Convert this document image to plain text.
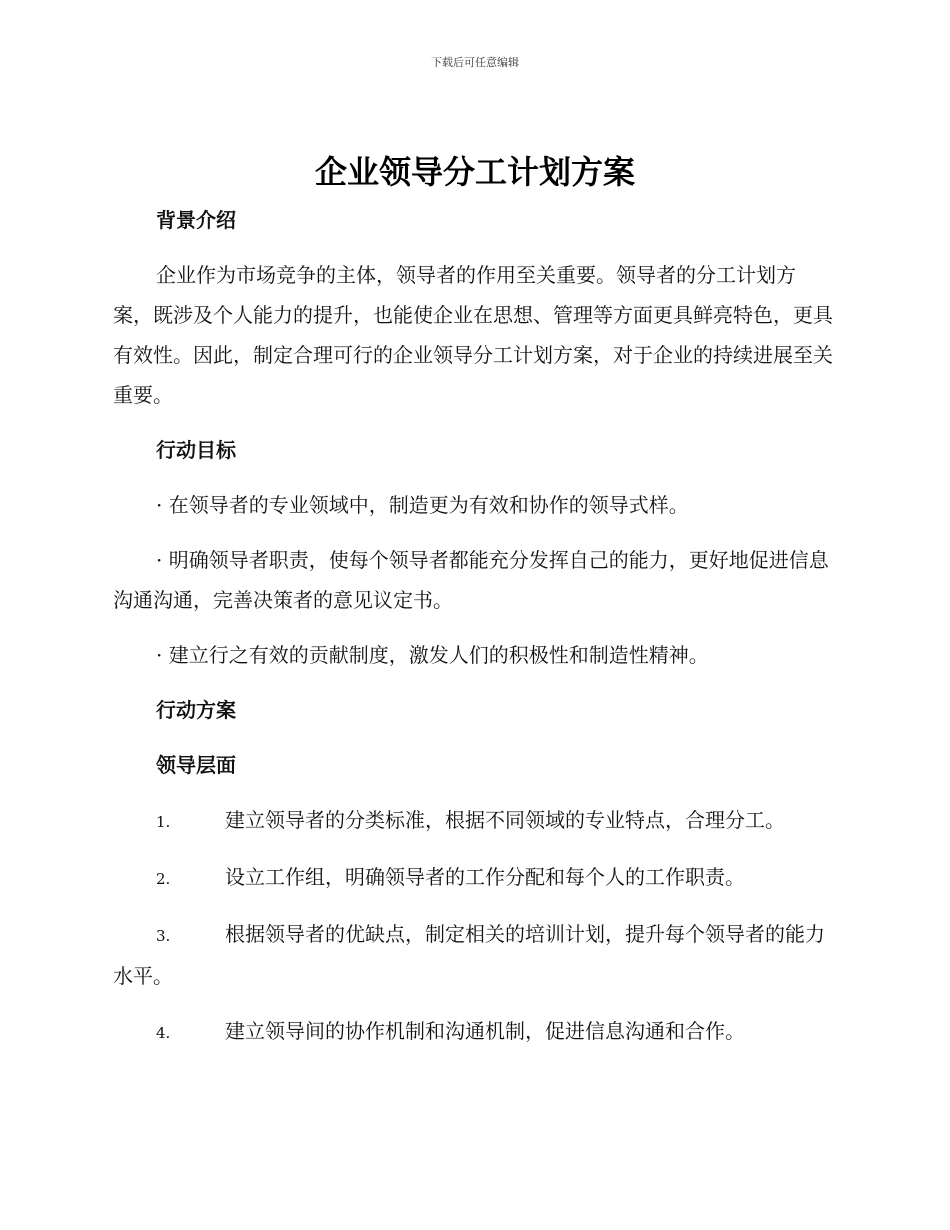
下载后可任意编辑
企业领导分工计划方案

背景介绍

企业作为市场竞争的主体，领导者的作用至关重要。领导者的分工计划方案，既涉及个人能力的提升，也能使企业在思想、管理等方面更具鲜亮特色，更具有效性。因此，制定合理可行的企业领导分工计划方案，对于企业的持续进展至关重要。

行动目标

· 在领导者的专业领域中，制造更为有效和协作的领导式样。

· 明确领导者职责，使每个领导者都能充分发挥自己的能力，更好地促进信息沟通沟通，完善决策者的意见议定书。

· 建立行之有效的贡献制度，激发人们的积极性和制造性精神。

行动方案

领导层面

1.	建立领导者的分类标准，根据不同领域的专业特点，合理分工。

2.	设立工作组，明确领导者的工作分配和每个人的工作职责。

3.	根据领导者的优缺点，制定相关的培训计划，提升每个领导者的能力水平。

4.	建立领导间的协作机制和沟通机制，促进信息沟通和合作。
